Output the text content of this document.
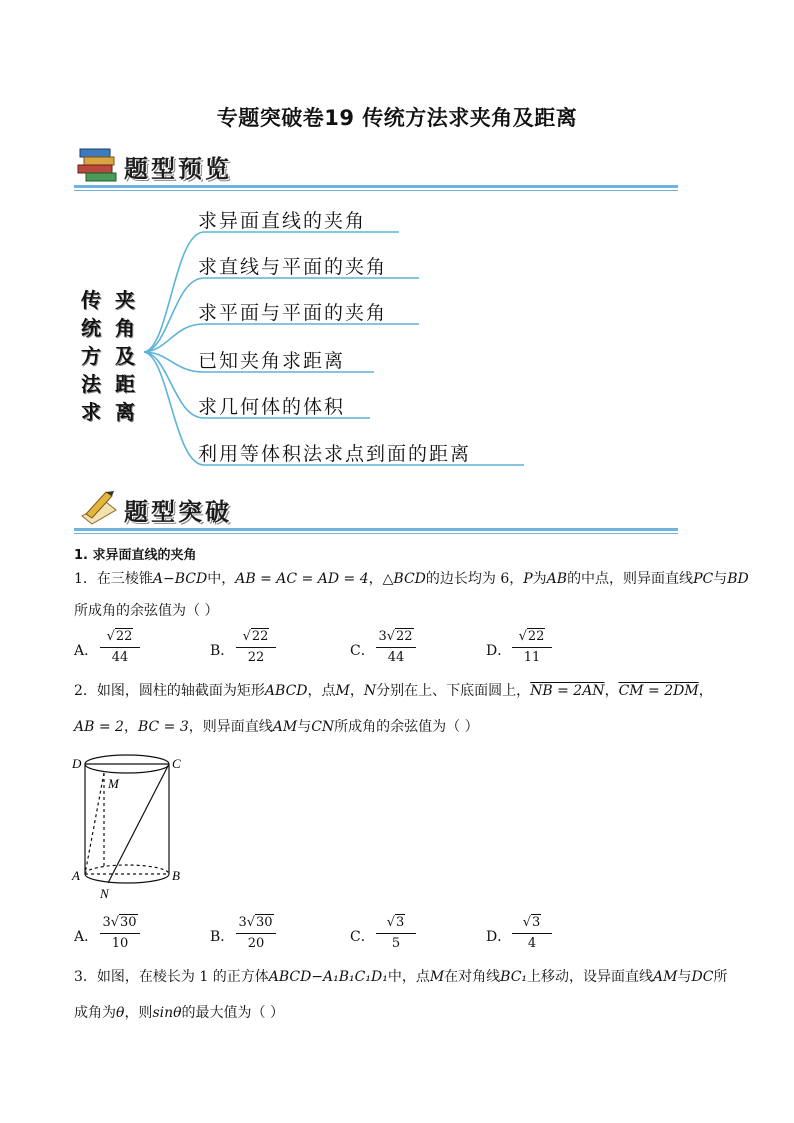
专题突破卷19 传统方法求夹角及距离
题型预览
传
统
方
法
求
夹
角
及
距
离
求异面直线的夹角
求直线与平面的夹角
求平面与平面的夹角
已知夹角求距离
求几何体的体积
利用等体积法求点到面的距离
题型突破
1. 求异面直线的夹角
1．在三棱锥A−BCD中，AB = AC = AD = 4，△BCD的边长均为 6，P为AB的中点，则异面直线PC与BD
所成角的余弦值为（ ）
A．
√22
44	B．
√22
22	C．
3√22
44	D．
√22
11
2．如图，圆柱的轴截面为矩形ABCD，点M，N分别在上、下底面圆上，NB = 2AN，CM = 2DM，
AB = 2，BC = 3，则异面直线AM与CN所成角的余弦值为（ ）
D	C
M
A	B
N
A．
3√30
10	B．
3√30
20	C．
√3
5	D．
√3
4
3．如图，在棱长为 1 的正方体ABCD−A₁B₁C₁D₁中，点M在对角线BC₁上移动，设异面直线AM与DC所
成角为θ，则sinθ的最大值为（ ）
